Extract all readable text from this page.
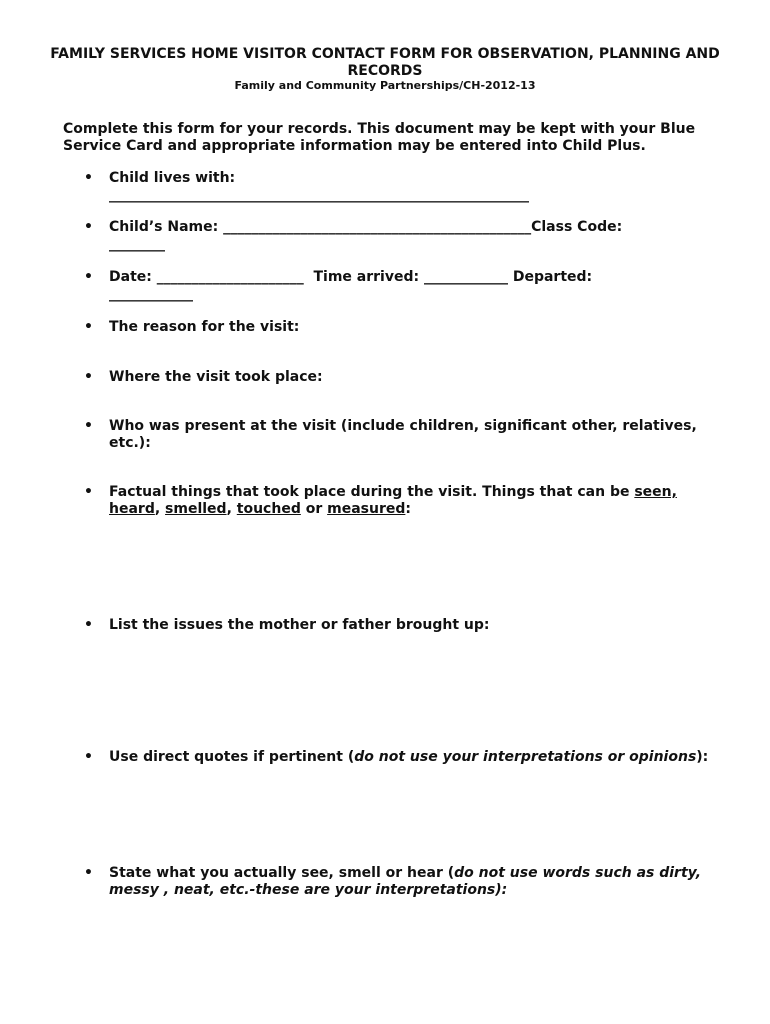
FAMILY SERVICES HOME VISITOR CONTACT FORM FOR OBSERVATION, PLANNING AND RECORDS
Family and Community Partnerships/CH-2012-13
Complete this form for your records. This document may be kept with your Blue Service Card and appropriate information may be entered into Child Plus.
• Child lives with:
____________________________________________________________
• Child’s Name: ____________________________________________Class Code:
________
• Date: _____________________  Time arrived: ____________ Departed:
____________
• The reason for the visit:
• Where the visit took place:
• Who was present at the visit (include children, significant other, relatives, etc.):
• Factual things that took place during the visit. Things that can be seen,
heard, smelled, touched or measured:
• List the issues the mother or father brought up:
• Use direct quotes if pertinent (do not use your interpretations or opinions):
• State what you actually see, smell or hear (do not use words such as dirty, messy , neat, etc.-these are your interpretations):
